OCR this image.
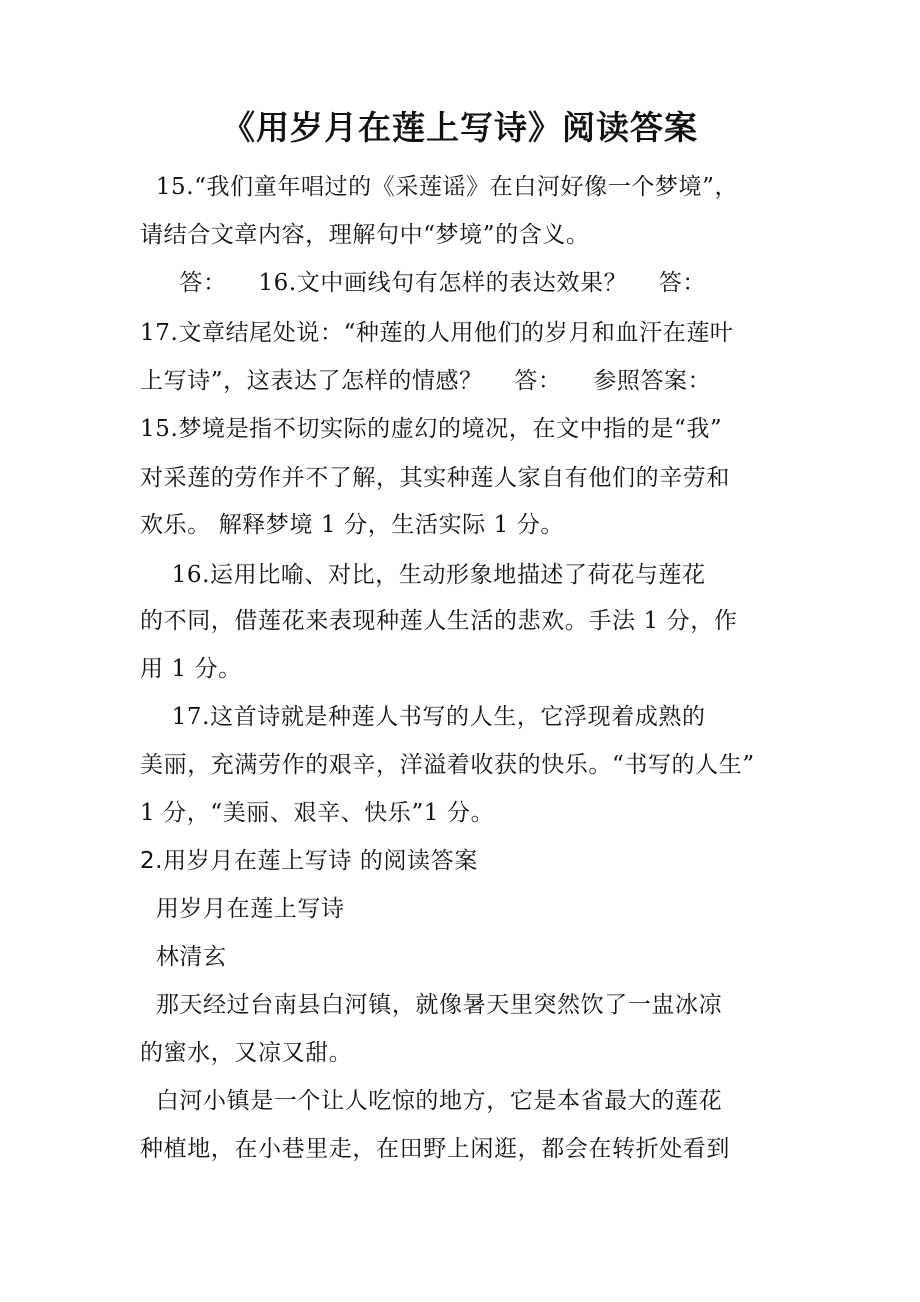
《用岁月在莲上写诗》阅读答案
15.“我们童年唱过的《采莲谣》在白河好像一个梦境”，
请结合文章内容，理解句中“梦境”的含义。
答：    16.文中画线句有怎样的表达效果？    答：
17.文章结尾处说：“种莲的人用他们的岁月和血汗在莲叶
上写诗”，这表达了怎样的情感？    答：    参照答案：
15.梦境是指不切实际的虚幻的境况，在文中指的是“我”
对采莲的劳作并不了解，其实种莲人家自有他们的辛劳和
欢乐。 解释梦境 1 分，生活实际 1 分。
16.运用比喻、对比，生动形象地描述了荷花与莲花
的不同，借莲花来表现种莲人生活的悲欢。手法 1 分，作
用 1 分。
17.这首诗就是种莲人书写的人生，它浮现着成熟的
美丽，充满劳作的艰辛，洋溢着收获的快乐。“书写的人生”
1 分，“美丽、艰辛、快乐”1 分。
2.用岁月在莲上写诗 的阅读答案
用岁月在莲上写诗
林清玄
那天经过台南县白河镇，就像暑天里突然饮了一盅冰凉
的蜜水，又凉又甜。
白河小镇是一个让人吃惊的地方，它是本省最大的莲花
种植地，在小巷里走，在田野上闲逛，都会在转折处看到
